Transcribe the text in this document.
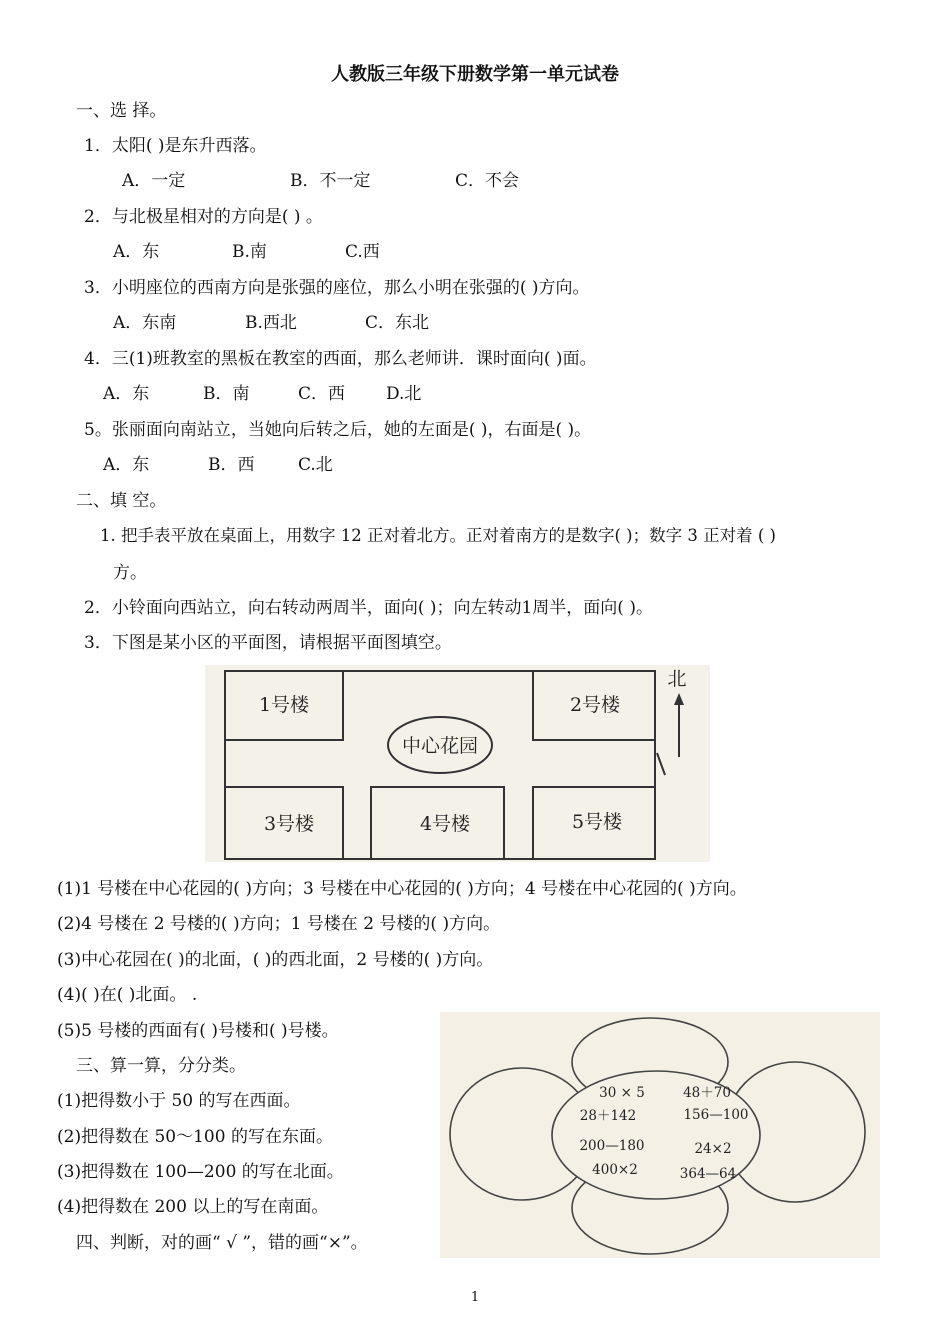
人教版三年级下册数学第一单元试卷
一、选 择。
1．太阳( )是东升西落。
A．一定	B．不一定	C．不会
2．与北极星相对的方向是( ) 。
A．东	B.南	C.西
3．小明座位的西南方向是张强的座位，那么小明在张强的( )方向。
A．东南	B.西北	C．东北
4．三(1)班教室的黑板在教室的西面，那么老师讲．课时面向( )面。
A．东	B．南	C．西 D.北
5。张丽面向南站立，当她向后转之后，她的左面是( )，右面是( )。
A．东	B．西	C.北
二、填 空。
1. 把手表平放在桌面上，用数字 12 正对着北方。正对着南方的是数字( )；数字 3 正对着 ( )
方。
2．小铃面向西站立，向右转动两周半，面向( )；向左转动1周半，面向( )。
3．下图是某小区的平面图，请根据平面图填空。
1号楼	2号楼
3号楼	4号楼	5号楼
中心花园
北
(1)1 号楼在中心花园的( )方向；3 号楼在中心花园的( )方向；4 号楼在中心花园的( )方向。
(2)4 号楼在 2 号楼的( )方向；1 号楼在 2 号楼的( )方向。
(3)中心花园在( )的北面，( )的西北面，2 号楼的( )方向。
(4)( )在( )北面。 .
(5)5 号楼的西面有( )号楼和( )号楼。
三、算一算，分分类。
(1)把得数小于 50 的写在西面。
(2)把得数在 50～100 的写在东面。
(3)把得数在 100—200 的写在北面。
(4)把得数在 200 以上的写在南面。
四、判断，对的画“ √ ”，错的画“×”。
30 × 5	48＋70
28＋142	156—100
200—180	24×2
400×2	364—64
1
